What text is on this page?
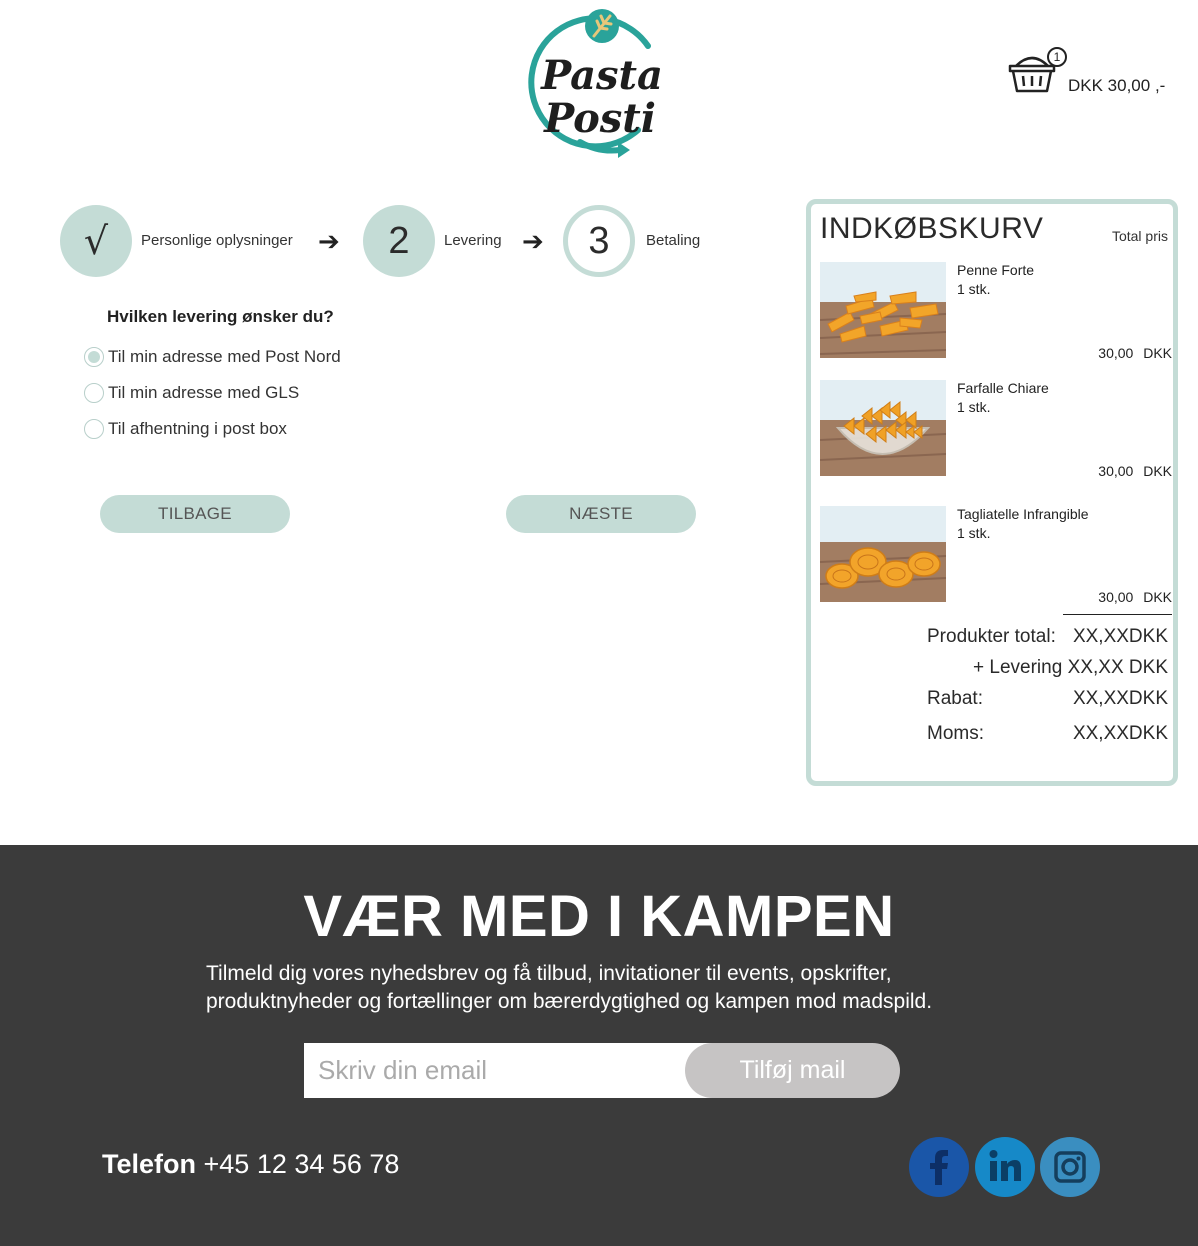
Pasta
Posti
1
DKK 30,00 ,-
√ Personlige oplysninger ➔ 2 Levering ➔ 3 Betaling
Hvilken levering ønsker du?
Til min adresse med Post Nord
Til min adresse med GLS
Til afhentning i post box
TILBAGE	NÆSTE
INDKØBSKURV	Total pris
Penne Forte
1 stk.
30,00 DKK
Farfalle Chiare
1 stk.
30,00 DKK
Tagliatelle Infrangible
1 stk.
30,00 DKK
Produkter total: XX,XXDKK
+ Levering XX,XX DKK
Rabat:	XX,XXDKK
Moms:	XX,XXDKK
VÆR MED I KAMPEN
Tilmeld dig vores nyhedsbrev og få tilbud, invitationer til events, opskrifter, produktnyheder og fortællinger om bærerdygtighed og kampen mod madspild.
Skriv din email
Tilføj mail
Telefon +45 12 34 56 78
